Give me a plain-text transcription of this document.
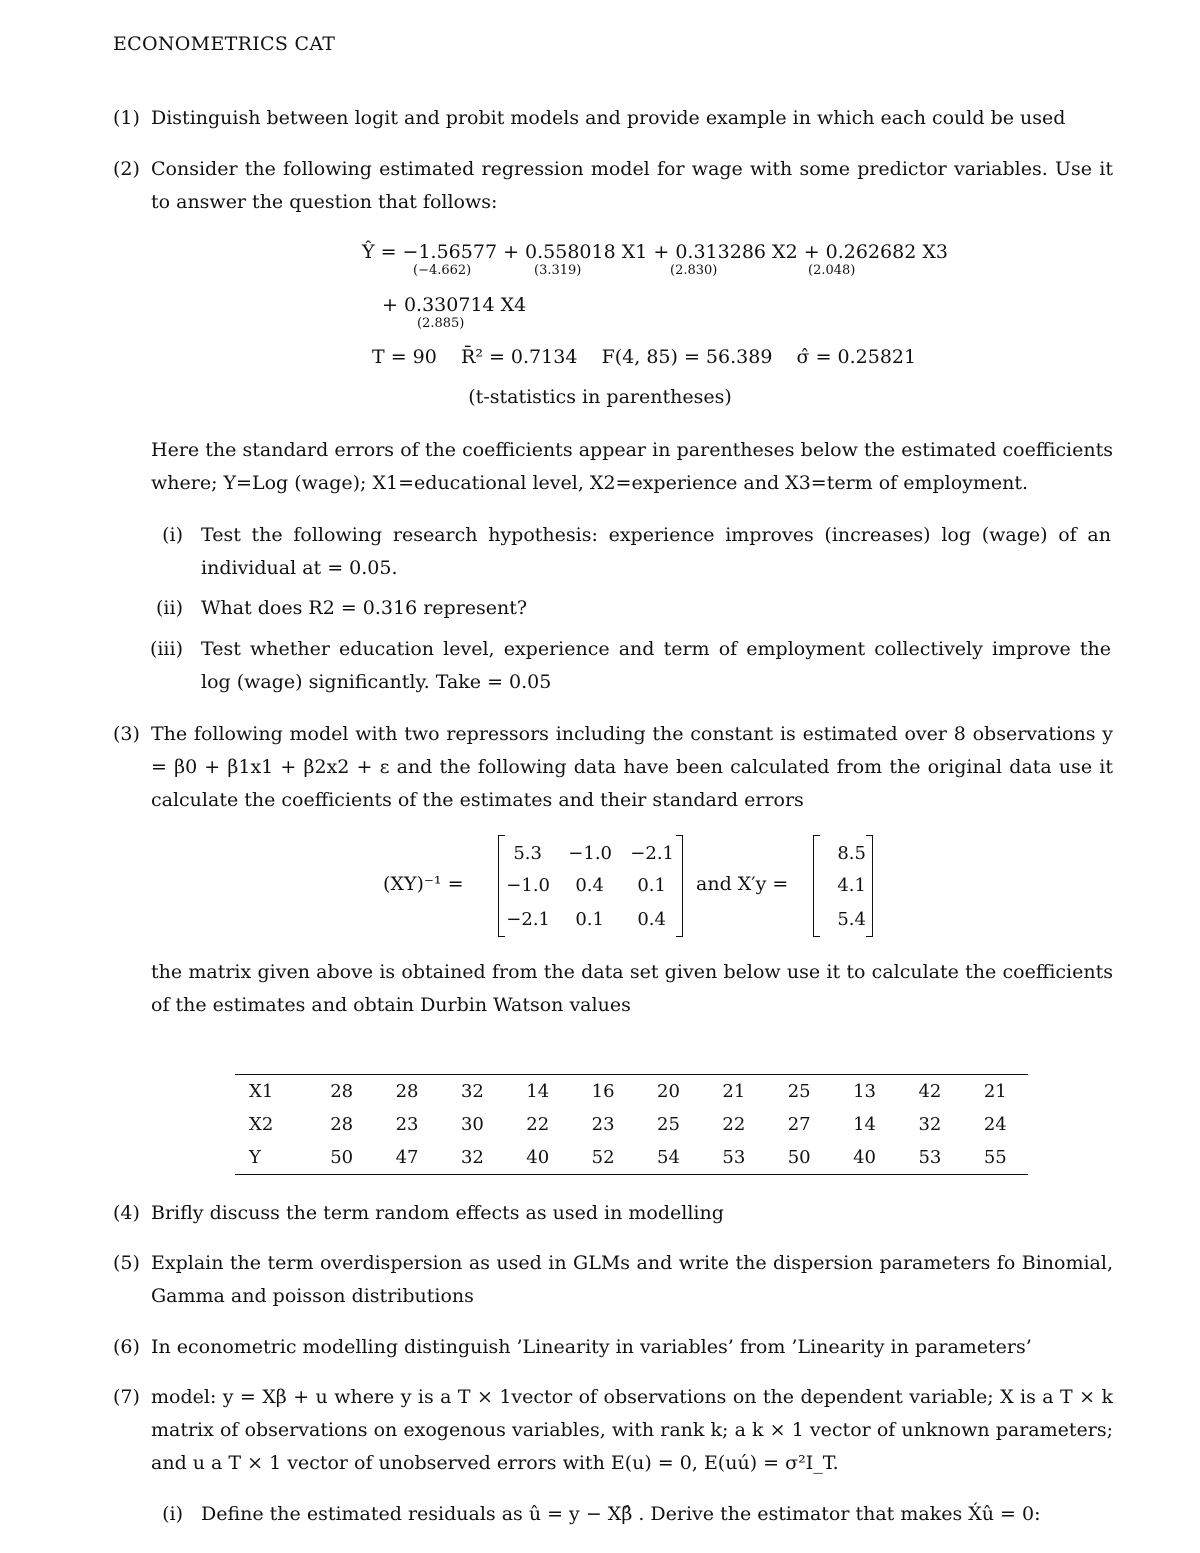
ECONOMETRICS CAT
(1) Distinguish between logit and probit models and provide example in which each could be used
(2) Consider the following estimated regression model for wage with some predictor variables. Use it to answer the question that follows:
Ŷ = −1.56577 + 0.558018 X1 + 0.313286 X2 + 0.262682 X3
(−4.662)	(3.319)	(2.830)	(2.048)
+ 0.330714 X4
(2.885)
T = 90    R̄² = 0.7134    F(4, 85) = 56.389    σ̂ = 0.25821
(t-statistics in parentheses)
Here the standard errors of the coefficients appear in parentheses below the estimated coefficients where; Y=Log (wage); X1=educational level, X2=experience and X3=term of employment.
(i) Test the following research hypothesis: experience improves (increases) log (wage) of an individual at = 0.05.
(ii) What does R2 = 0.316 represent?
(iii) Test whether education level, experience and term of employment collectively improve the log (wage) significantly. Take = 0.05
(3) The following model with two repressors including the constant is estimated over 8 observations y = β0 + β1x1 + β2x2 + ε and the following data have been calculated from the original data use it calculate the coefficients of the estimates and their standard errors
(XY)⁻¹ =
5.3 −1.0 −2.1
−1.0	0.4	0.1
−2.1	0.1	0.4
and X′y =
8.5
4.1
5.4
the matrix given above is obtained from the data set given below use it to calculate the coefficients of the estimates and obtain Durbin Watson values
X1	28	28	32	14	16	20	21	25	13	42	21
X2	28	23	30	22	23	25	22	27	14	32	24
Y	50	47	32	40	52	54	53	50	40	53	55
(4) Brifly discuss the term random effects as used in modelling
(5) Explain the term overdispersion as used in GLMs and write the dispersion parameters fo Binomial, Gamma and poisson distributions
(6) In econometric modelling distinguish ’Linearity in variables’ from ’Linearity in parameters’
(7) model: y = Xβ + u where y is a T × 1vector of observations on the dependent variable; X is a T × k matrix of observations on exogenous variables, with rank k; a k × 1 vector of unknown parameters; and u a T × 1 vector of unobserved errors with E(u) = 0, E(uú) = σ²I_T.
(i) Define the estimated residuals as û = y − Xβ̂ . Derive the estimator that makes X́û = 0:
